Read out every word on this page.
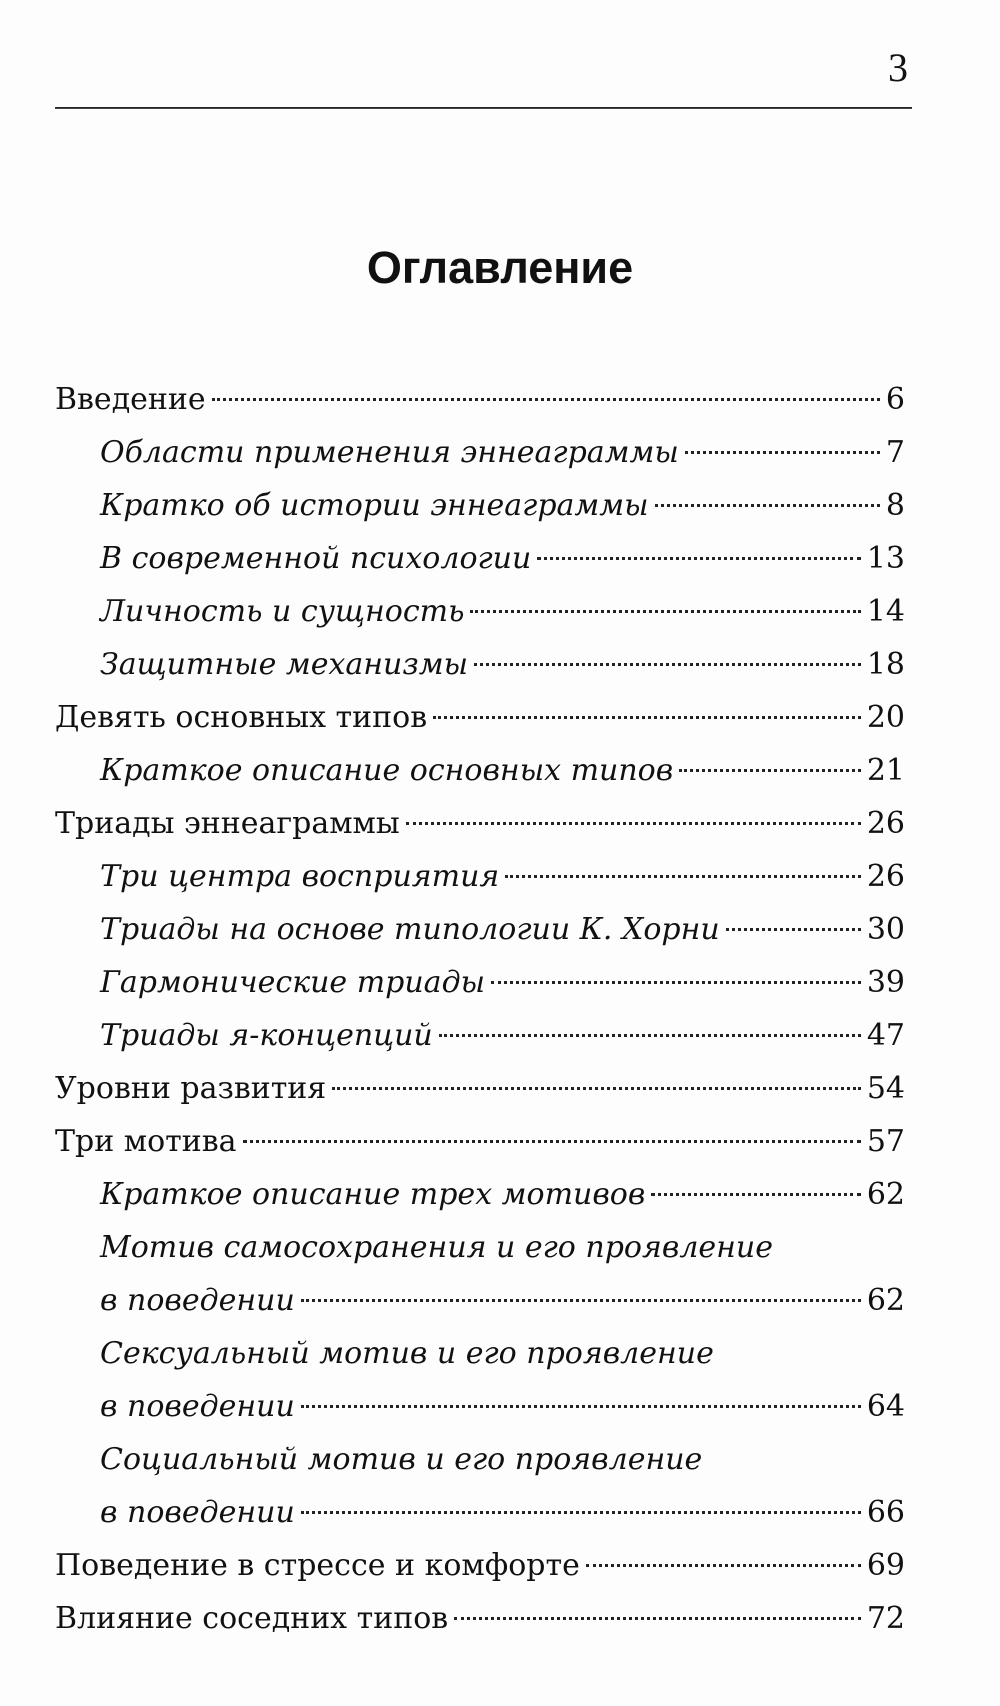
3
Оглавление
Введение	6
Области применения эннеаграммы	7
Кратко об истории эннеаграммы	8
В современной психологии	13
Личность и сущность	14
Защитные механизмы	18
Девять основных типов	20
Краткое описание основных типов	21
Триады эннеаграммы	26
Три центра восприятия	26
Триады на основе типологии К. Хорни	30
Гармонические триады	39
Триады я-концепций	47
Уровни развития	54
Три мотива	57
Краткое описание трех мотивов	62
Мотив самосохранения и его проявление
в поведении	62
Сексуальный мотив и его проявление
в поведении	64
Социальный мотив и его проявление
в поведении	66
Поведение в стрессе и комфорте	69
Влияние соседних типов	72
